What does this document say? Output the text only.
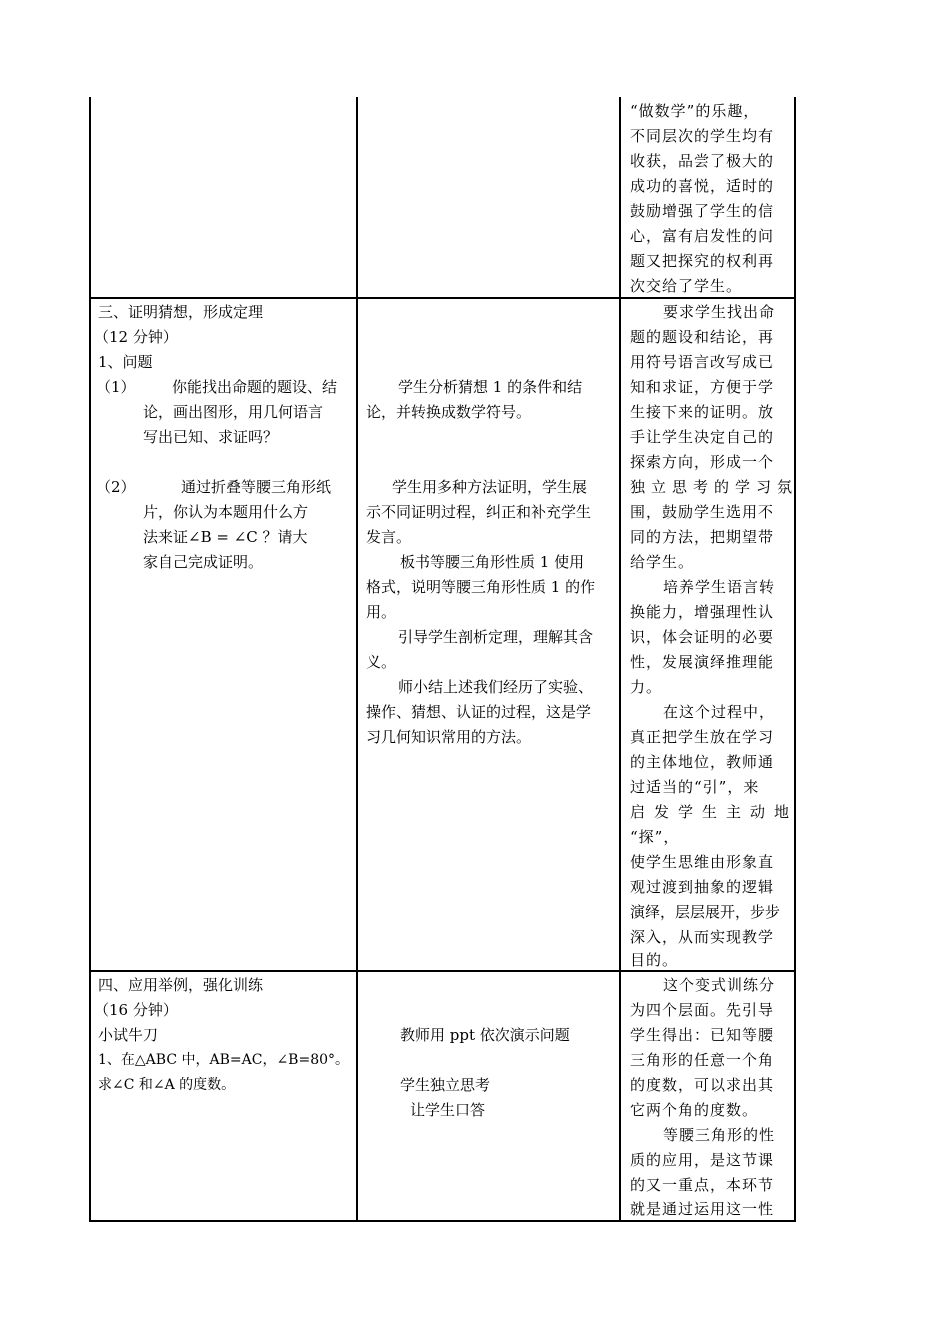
“做数学”的乐趣，
不同层次的学生均有
收获，品尝了极大的
成功的喜悦，适时的
鼓励增强了学生的信
心，富有启发性的问
题又把探究的权利再
次交给了学生。
三、证明猜想，形成定理
（12 分钟）
1、问题
（1） 你能找出命题的题设、结
论，画出图形，用几何语言
写出已知、求证吗？
（2）	通过折叠等腰三角形纸
片，你认为本题用什么方
法来证∠B = ∠C ？请大
家自己完成证明。
学生分析猜想 1 的条件和结
论，并转换成数学符号。
学生用多种方法证明，学生展
示不同证明过程，纠正和补充学生
发言。
板书等腰三角形性质 1 使用
格式，说明等腰三角形性质 1 的作
用。
引导学生剖析定理，理解其含
义。
师小结上述我们经历了实验、
操作、猜想、认证的过程，这是学
习几何知识常用的方法。
要求学生找出命
题的题设和结论，再
用符号语言改写成已
知和求证，方便于学
生接下来的证明。放
手让学生决定自己的
探索方向，形成一个
独立思考的学习氛
围，鼓励学生选用不
同的方法，把期望带
给学生。
培养学生语言转
换能力，增强理性认
识，体会证明的必要
性，发展演绎推理能
力。
在这个过程中，
真正把学生放在学习
的主体地位，教师通
过适当的“引”，来
启发学生主动地
“探”，
使学生思维由形象直
观过渡到抽象的逻辑
演绎，层层展开，步步
深入，从而实现教学
目的。
四、应用举例，强化训练
（16 分钟）
小试牛刀
1、在△ABC 中，AB=AC，∠B=80°。
求∠C 和∠A 的度数。
教师用 ppt 依次演示问题
学生独立思考
让学生口答
这个变式训练分
为四个层面。先引导
学生得出：已知等腰
三角形的任意一个角
的度数，可以求出其
它两个角的度数。
等腰三角形的性
质的应用，是这节课
的又一重点，本环节
就是通过运用这一性
